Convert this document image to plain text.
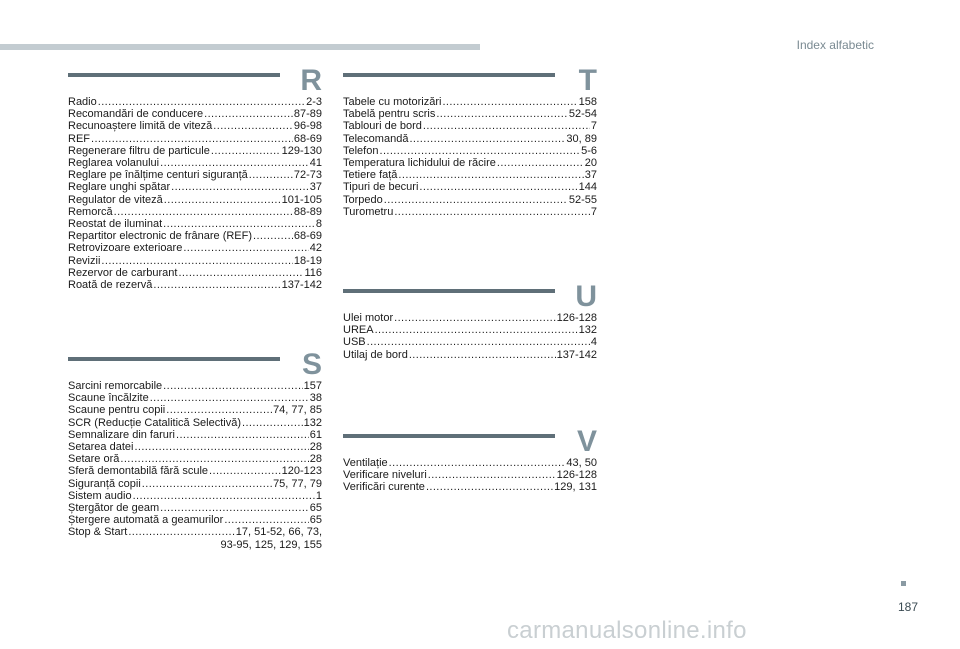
Index alfabetic
R
Radio .....	2-3
Recomandări de conducere .....	87-89
Recunoaștere limită de viteză .....	96-98
REF .....	68-69
Regenerare filtru de particule .....	129-130
Reglarea volanului .....	41
Reglare pe înălțime centuri siguranță .....	72-73
Reglare unghi spătar .....	37
Regulator de viteză .....	101-105
Remorcă .....	88-89
Reostat de iluminat .....	8
Repartitor electronic de frânare (REF) .....	68-69
Retrovizoare exterioare .....	42
Revizii .....	18-19
Rezervor de carburant .....	116
Roată de rezervă .....	137-142
S
Sarcini remorcabile .....	157
Scaune încălzite .....	38
Scaune pentru copii .....	74, 77, 85
SCR (Reducție Catalitică Selectivă) .....	132
Semnalizare din faruri .....	61
Setarea datei .....	28
Setare oră .....	28
Sferă demontabilă fără scule .....	120-123
Siguranță copii .....	75, 77, 79
Sistem audio .....	1
Ștergător de geam .....	65
Ștergere automată a geamurilor .....	65
Stop & Start .....	17, 51-52, 66, 73,
93-95, 125, 129, 155
T
Tabele cu motorizări .....	158
Tabelă pentru scris .....	52-54
Tablouri de bord .....	7
Telecomandă .....	30, 89
Telefon .....	5-6
Temperatura lichidului de răcire .....	20
Tetiere față .....	37
Tipuri de becuri .....	144
Torpedo .....	52-55
Turometru .....	7
U
Ulei motor .....	126-128
UREA .....	132
USB .....	4
Utilaj de bord .....	137-142
V
Ventilație .....	43, 50
Verificare niveluri .....	126-128
Verificări curente .....	129, 131
187
carmanualsonline.info
